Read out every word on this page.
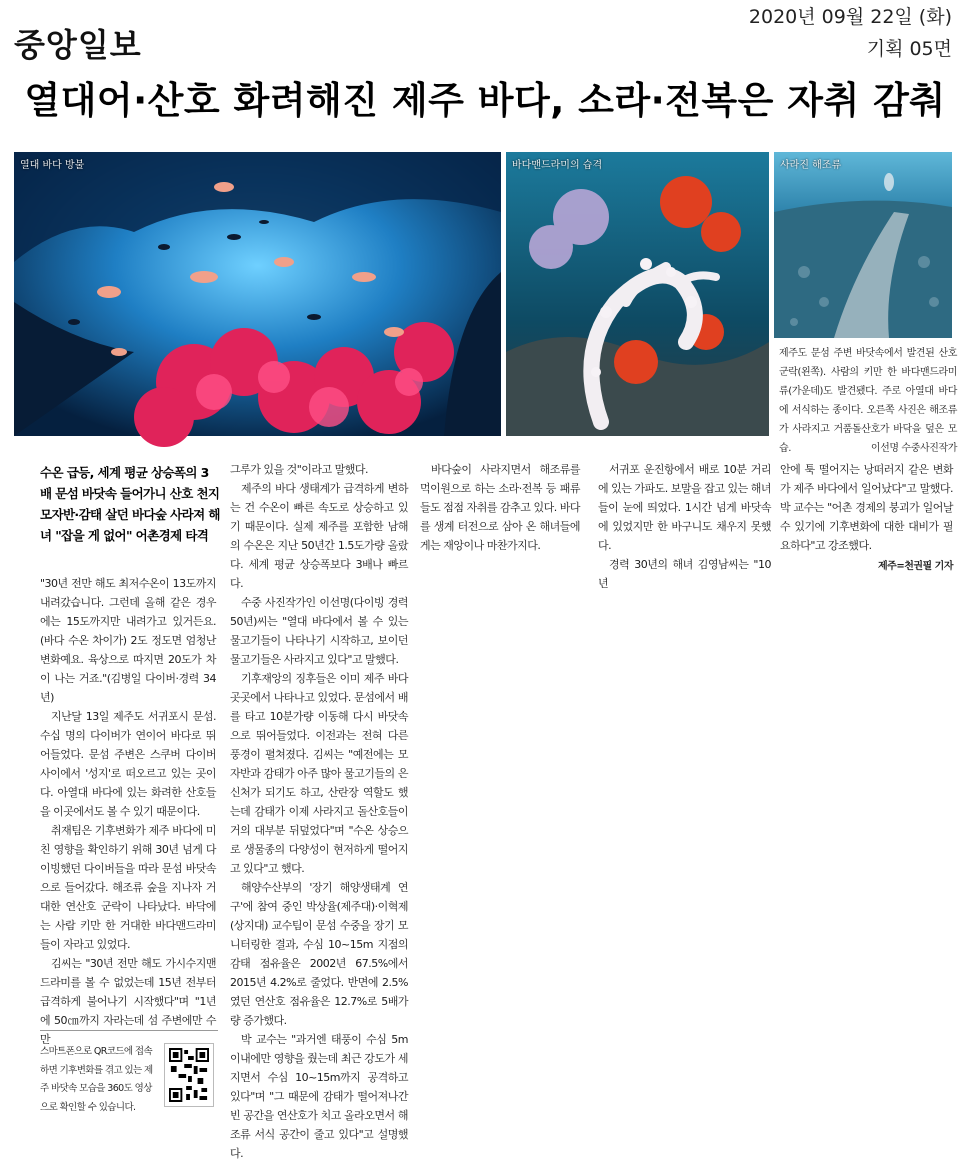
중앙일보
2020년 09월 22일 (화)
기획 05면
열대어·산호 화려해진 제주 바다, 소라·전복은 자취 감춰
열대 바다 방불	바다맨드라미의 습격	사라진 해조류
제주도 문섬 주변 바닷속에서 발견된 산호 군락(왼쪽). 사람의 키만 한 바다맨드라미류(가운데)도 발견됐다. 주로 아열대 바다에 서식하는 종이다. 오른쪽 사진은 해조류가 사라지고 거품돌산호가 바닥을 덮은 모습.	이선명 수중사진작가
수온 급등, 세계 평균 상승폭의 3배 문섬 바닷속 들어가니 산호 천지 모자반·감태 살던 바다숲 사라져 해녀 "잡을 게 없어" 어촌경제 타격

"30년 전만 해도 최저수온이 13도까지 내려갔습니다. 그런데 올해 같은 경우에는 15도까지만 내려가고 있거든요. (바다 수온 차이가) 2도 정도면 엄청난 변화예요. 육상으로 따지면 20도가 차이 나는 거죠."(김병일 다이버·경력 34년)

지난달 13일 제주도 서귀포시 문섬. 수십 명의 다이버가 연이어 바다로 뛰어들었다. 문섬 주변은 스쿠버 다이버 사이에서 '성지'로 떠오르고 있는 곳이다. 아열대 바다에 있는 화려한 산호들을 이곳에서도 볼 수 있기 때문이다.

취재팀은 기후변화가 제주 바다에 미친 영향을 확인하기 위해 30년 넘게 다이빙했던 다이버들을 따라 문섬 바닷속으로 들어갔다. 해조류 숲을 지나자 거대한 연산호 군락이 나타났다. 바닥에는 사람 키만 한 거대한 바다맨드라미들이 자라고 있었다.

김씨는 "30년 전만 해도 가시수지맨드라미를 볼 수 없었는데 15년 전부터 급격하게 불어나기 시작했다"며 "1년에 50㎝까지 자라는데 섬 주변에만 수만

그루가 있을 것"이라고 말했다.

제주의 바다 생태계가 급격하게 변하는 건 수온이 빠른 속도로 상승하고 있기 때문이다. 실제 제주를 포함한 남해의 수온은 지난 50년간 1.5도가량 올랐다. 세계 평균 상승폭보다 3배나 빠르다.

수중 사진작가인 이선명(다이빙 경력 50년)씨는 "열대 바다에서 볼 수 있는 물고기들이 나타나기 시작하고, 보이던 물고기들은 사라지고 있다"고 말했다.

기후재앙의 징후들은 이미 제주 바다 곳곳에서 나타나고 있었다. 문섬에서 배를 타고 10분가량 이동해 다시 바닷속으로 뛰어들었다. 이전과는 전혀 다른 풍경이 펼쳐졌다. 김씨는 "예전에는 모자반과 감태가 아주 많아 물고기들의 은신처가 되기도 하고, 산란장 역할도 했는데 감태가 이제 사라지고 돌산호들이 거의 대부분 뒤덮었다"며 "수온 상승으로 생물종의 다양성이 현저하게 떨어지고 있다"고 했다.

해양수산부의 '장기 해양생태계 연구'에 참여 중인 박상율(제주대)·이혁제(상지대) 교수팀이 문섬 수중을 장기 모니터링한 결과, 수심 10~15m 지점의 감태 점유율은 2002년 67.5%에서 2015년 4.2%로 줄었다. 반면에 2.5%였던 연산호 점유율은 12.7%로 5배가량 증가했다.

박 교수는 "과거엔 태풍이 수심 5m 이내에만 영향을 줬는데 최근 강도가 세지면서 수심 10~15m까지 공격하고 있다"며 "그 때문에 감태가 떨어져나간 빈 공간을 연산호가 치고 올라오면서 해조류 서식 공간이 줄고 있다"고 설명했다.

바다숲이 사라지면서 해조류를 먹이원으로 하는 소라·전복 등 패류들도 점점 자취를 감추고 있다. 바다를 생계 터전으로 삼아 온 해녀들에게는 재앙이나 마찬가지다.

서귀포 운진항에서 배로 10분 거리에 있는 가파도. 보말을 잡고 있는 해녀들이 눈에 띄었다. 1시간 넘게 바닷속에 있었지만 한 바구니도 채우지 못했다.

경력 30년의 해녀 김영남씨는 "10년

안에 툭 떨어지는 낭떠러지 같은 변화가 제주 바다에서 일어났다"고 말했다. 박 교수는 "어촌 경제의 붕괴가 일어날 수 있기에 기후변화에 대한 대비가 필요하다"고 강조했다.

제주=천권필 기자
스마트폰으로 QR코드에 접속하면 기후변화를 겪고 있는 제주 바닷속 모습을 360도 영상으로 확인할 수 있습니다.
